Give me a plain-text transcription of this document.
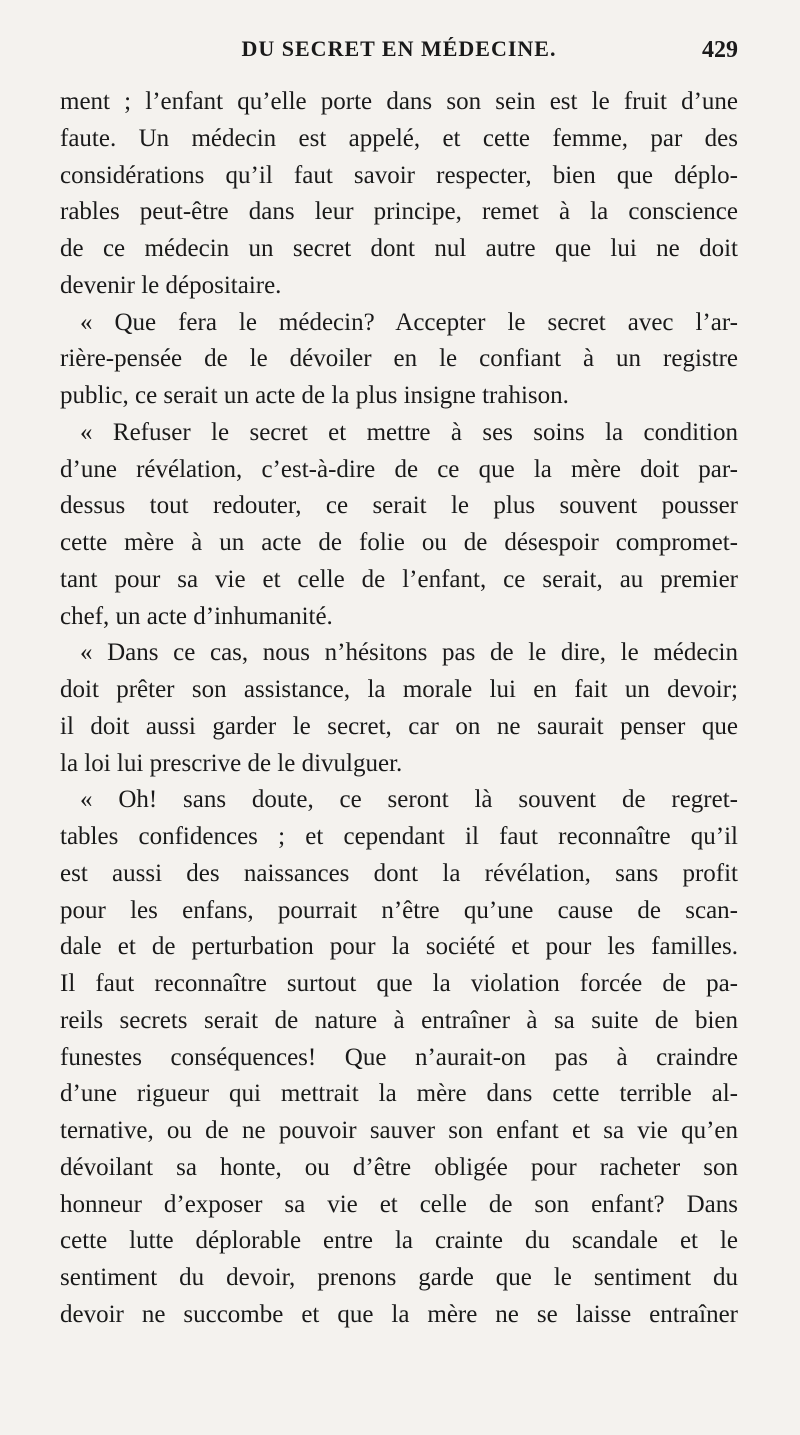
DU SECRET EN MÉDECINE.	429
ment ; l’enfant qu’elle porte dans son sein est le fruit d’une
faute. Un médecin est appelé, et cette femme, par des
considérations qu’il faut savoir respecter, bien que déplo-
rables peut-être dans leur principe, remet à la conscience
de ce médecin un secret dont nul autre que lui ne doit
devenir le dépositaire.
« Que fera le médecin? Accepter le secret avec l’ar-
rière-pensée de le dévoiler en le confiant à un registre
public, ce serait un acte de la plus insigne trahison.
« Refuser le secret et mettre à ses soins la condition
d’une révélation, c’est-à-dire de ce que la mère doit par-
dessus tout redouter, ce serait le plus souvent pousser
cette mère à un acte de folie ou de désespoir compromet-
tant pour sa vie et celle de l’enfant, ce serait, au premier
chef, un acte d’inhumanité.
« Dans ce cas, nous n’hésitons pas de le dire, le médecin
doit prêter son assistance, la morale lui en fait un devoir;
il doit aussi garder le secret, car on ne saurait penser que
la loi lui prescrive de le divulguer.
« Oh! sans doute, ce seront là souvent de regret-
tables confidences ; et cependant il faut reconnaître qu’il
est aussi des naissances dont la révélation, sans profit
pour les enfans, pourrait n’être qu’une cause de scan-
dale et de perturbation pour la société et pour les familles.
Il faut reconnaître surtout que la violation forcée de pa-
reils secrets serait de nature à entraîner à sa suite de bien
funestes conséquences! Que n’aurait-on pas à craindre
d’une rigueur qui mettrait la mère dans cette terrible al-
ternative, ou de ne pouvoir sauver son enfant et sa vie qu’en
dévoilant sa honte, ou d’être obligée pour racheter son
honneur d’exposer sa vie et celle de son enfant? Dans
cette lutte déplorable entre la crainte du scandale et le
sentiment du devoir, prenons garde que le sentiment du
devoir ne succombe et que la mère ne se laisse entraîner
